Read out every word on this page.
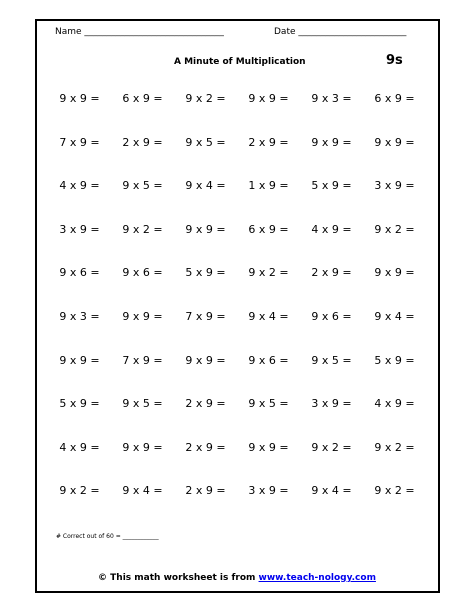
Name _______________________________	Date ________________________
A Minute of Multiplication	9s
9 x 9 =	6 x 9 =	9 x 2 =	9 x 9 =	9 x 3 =	6 x 9 =
7 x 9 =	2 x 9 =	9 x 5 =	2 x 9 =	9 x 9 =	9 x 9 =
4 x 9 =	9 x 5 =	9 x 4 =	1 x 9 =	5 x 9 =	3 x 9 =
3 x 9 =	9 x 2 =	9 x 9 =	6 x 9 =	4 x 9 =	9 x 2 =
9 x 6 =	9 x 6 =	5 x 9 =	9 x 2 =	2 x 9 =	9 x 9 =
9 x 3 =	9 x 9 =	7 x 9 =	9 x 4 =	9 x 6 =	9 x 4 =
9 x 9 =	7 x 9 =	9 x 9 =	9 x 6 =	9 x 5 =	5 x 9 =
5 x 9 =	9 x 5 =	2 x 9 =	9 x 5 =	3 x 9 =	4 x 9 =
4 x 9 =	9 x 9 =	2 x 9 =	9 x 9 =	9 x 2 =	9 x 2 =
9 x 2 =	9 x 4 =	2 x 9 =	3 x 9 =	9 x 4 =	9 x 2 =
# Correct out of 60 = ____________
© This math worksheet is from www.teach-nology.com
